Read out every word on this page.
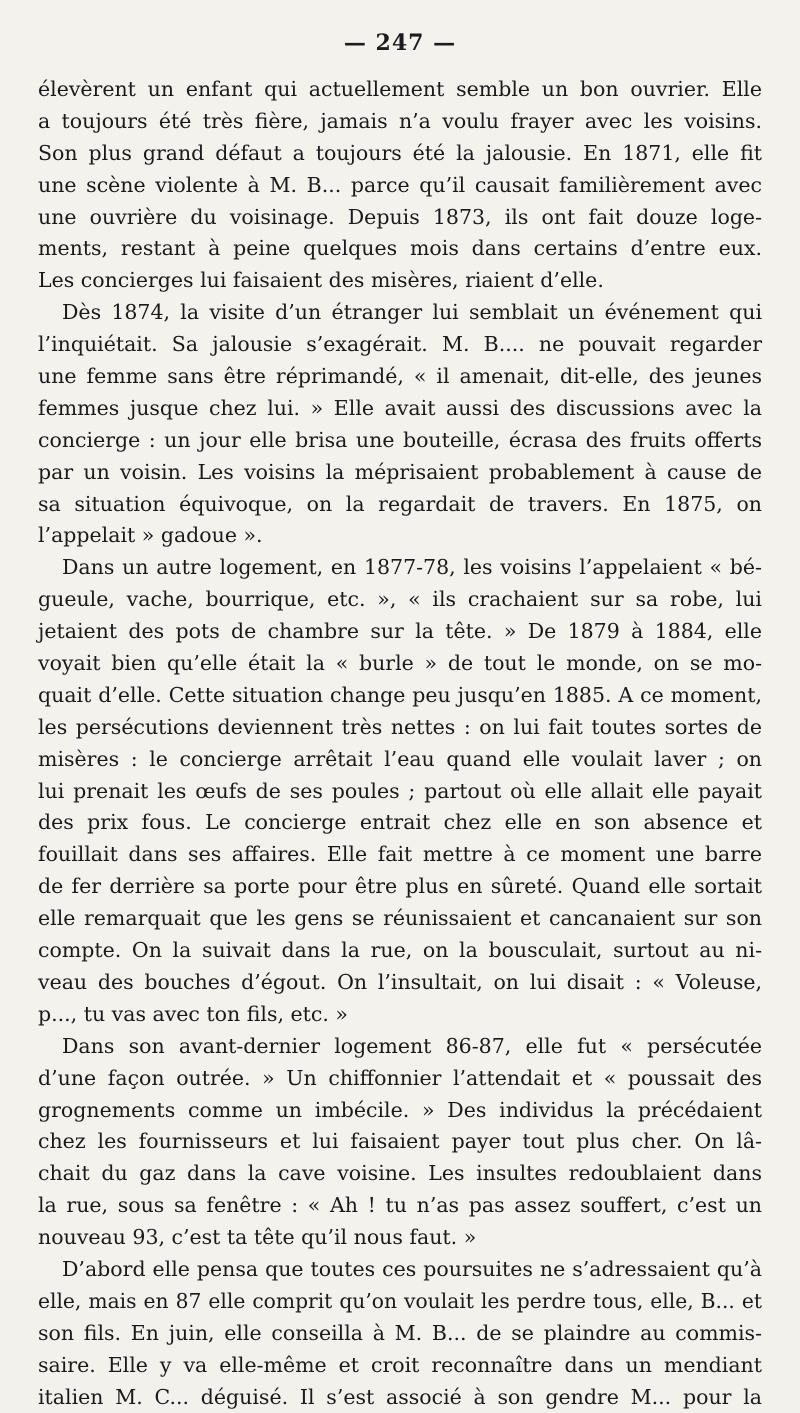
— 247 —
élevèrent un enfant qui actuellement semble un bon ouvrier. Elle
a toujours été très fière, jamais n’a voulu frayer avec les voisins.
Son plus grand défaut a toujours été la jalousie. En 1871, elle fit
une scène violente à M. B... parce qu’il causait familièrement avec
une ouvrière du voisinage. Depuis 1873, ils ont fait douze loge-
ments, restant à peine quelques mois dans certains d’entre eux.
Les concierges lui faisaient des misères, riaient d’elle.
Dès 1874, la visite d’un étranger lui semblait un événement qui
l’inquiétait. Sa jalousie s’exagérait. M. B.... ne pouvait regarder
une femme sans être réprimandé, « il amenait, dit-elle, des jeunes
femmes jusque chez lui. » Elle avait aussi des discussions avec la
concierge : un jour elle brisa une bouteille, écrasa des fruits offerts
par un voisin. Les voisins la méprisaient probablement à cause de
sa situation équivoque, on la regardait de travers. En 1875, on
l’appelait » gadoue ».
Dans un autre logement, en 1877-78, les voisins l’appelaient « bé-
gueule, vache, bourrique, etc. », « ils crachaient sur sa robe, lui
jetaient des pots de chambre sur la tête. » De 1879 à 1884, elle
voyait bien qu’elle était la « burle » de tout le monde, on se mo-
quait d’elle. Cette situation change peu jusqu’en 1885. A ce moment,
les persécutions deviennent très nettes : on lui fait toutes sortes de
misères : le concierge arrêtait l’eau quand elle voulait laver ; on
lui prenait les œufs de ses poules ; partout où elle allait elle payait
des prix fous. Le concierge entrait chez elle en son absence et
fouillait dans ses affaires. Elle fait mettre à ce moment une barre
de fer derrière sa porte pour être plus en sûreté. Quand elle sortait
elle remarquait que les gens se réunissaient et cancanaient sur son
compte. On la suivait dans la rue, on la bousculait, surtout au ni-
veau des bouches d’égout. On l’insultait, on lui disait : « Voleuse,
p..., tu vas avec ton fils, etc. »
Dans son avant-dernier logement 86-87, elle fut « persécutée
d’une façon outrée. » Un chiffonnier l’attendait et « poussait des
grognements comme un imbécile. » Des individus la précédaient
chez les fournisseurs et lui faisaient payer tout plus cher. On lâ-
chait du gaz dans la cave voisine. Les insultes redoublaient dans
la rue, sous sa fenêtre : « Ah ! tu n’as pas assez souffert, c’est un
nouveau 93, c’est ta tête qu’il nous faut. »
D’abord elle pensa que toutes ces poursuites ne s’adressaient qu’à
elle, mais en 87 elle comprit qu’on voulait les perdre tous, elle, B... et
son fils. En juin, elle conseilla à M. B... de se plaindre au commis-
saire. Elle y va elle-même et croit reconnaître dans un mendiant
italien M. C... déguisé. Il s’est associé à son gendre M... pour la
